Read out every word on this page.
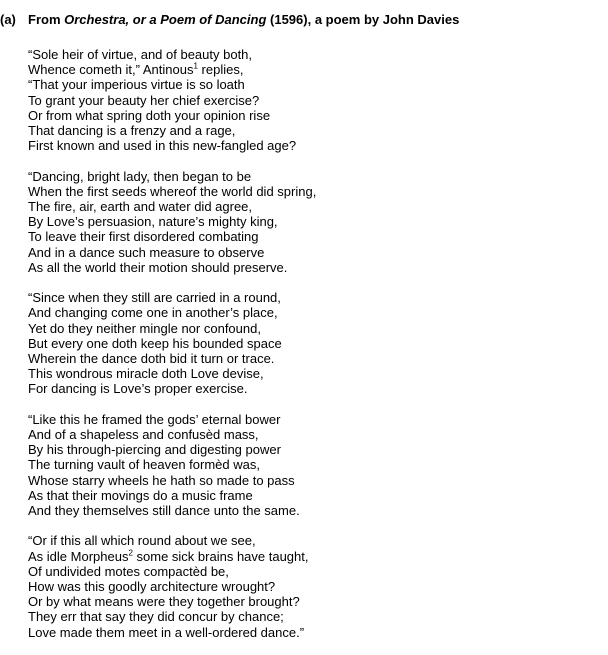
(a) From Orchestra, or a Poem of Dancing (1596), a poem by John Davies
“Sole heir of virtue, and of beauty both,
Whence cometh it,” Antinous$^1$ replies,
“That your imperious virtue is so loath
To grant your beauty her chief exercise?
Or from what spring doth your opinion rise
That dancing is a frenzy and a rage,
First known and used in this new-fangled age?
“Dancing, bright lady, then began to be
When the first seeds whereof the world did spring,
The fire, air, earth and water did agree,
By Love’s persuasion, nature’s mighty king,
To leave their first disordered combating
And in a dance such measure to observe
As all the world their motion should preserve.
“Since when they still are carried in a round,
And changing come one in another’s place,
Yet do they neither mingle nor confound,
But every one doth keep his bounded space
Wherein the dance doth bid it turn or trace.
This wondrous miracle doth Love devise,
For dancing is Love’s proper exercise.
“Like this he framed the gods’ eternal bower
And of a shapeless and confusèd mass,
By his through-piercing and digesting power
The turning vault of heaven formèd was,
Whose starry wheels he hath so made to pass
As that their movings do a music frame
And they themselves still dance unto the same.
“Or if this all which round about we see,
As idle Morpheus$^2$ some sick brains have taught,
Of undivided motes compactèd be,
How was this goodly architecture wrought?
Or by what means were they together brought?
They err that say they did concur by chance;
Love made them meet in a well-ordered dance.”
